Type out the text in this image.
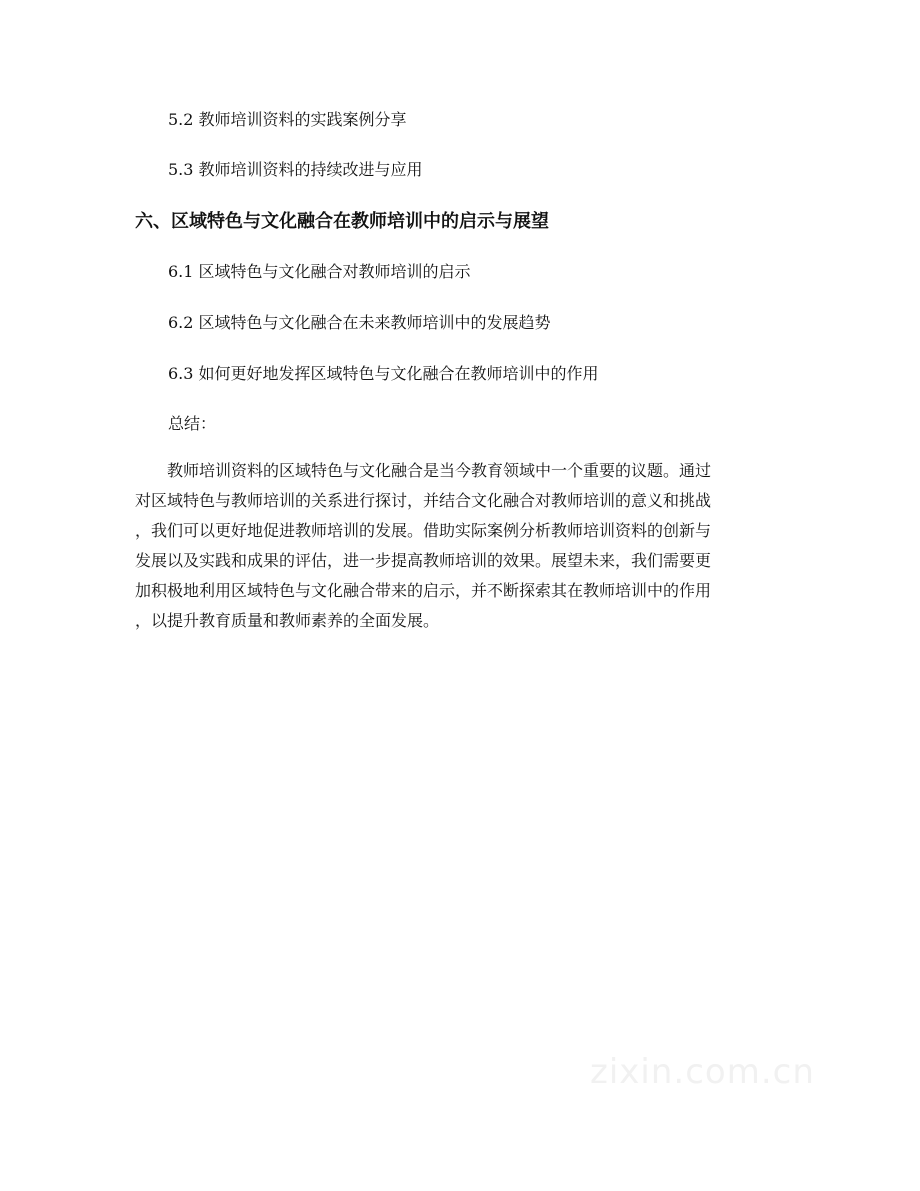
5.2 教师培训资料的实践案例分享
5.3 教师培训资料的持续改进与应用
六、区域特色与文化融合在教师培训中的启示与展望
6.1 区域特色与文化融合对教师培训的启示
6.2 区域特色与文化融合在未来教师培训中的发展趋势
6.3 如何更好地发挥区域特色与文化融合在教师培训中的作用
总结：
教师培训资料的区域特色与文化融合是当今教育领域中一个重要的议题。通过
对区域特色与教师培训的关系进行探讨，并结合文化融合对教师培训的意义和挑战
，我们可以更好地促进教师培训的发展。借助实际案例分析教师培训资料的创新与
发展以及实践和成果的评估，进一步提高教师培训的效果。展望未来，我们需要更
加积极地利用区域特色与文化融合带来的启示，并不断探索其在教师培训中的作用
，以提升教育质量和教师素养的全面发展。
zixin.com.cn
